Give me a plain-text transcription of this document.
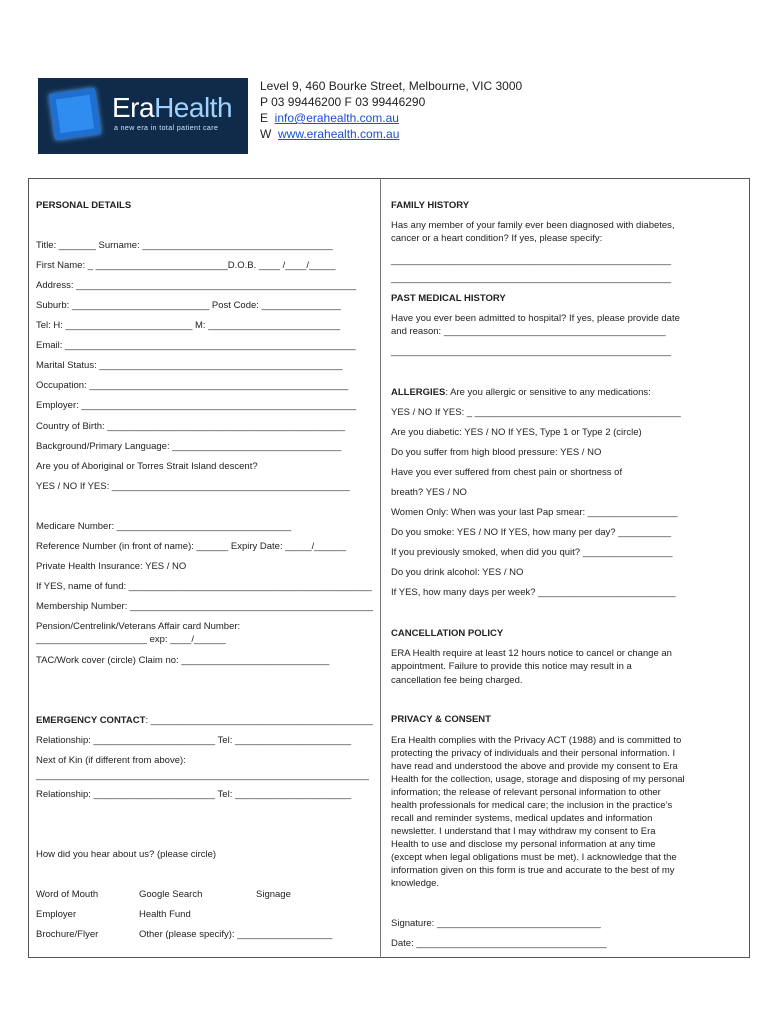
EraHealth
a new era in total patient care
Level 9, 460 Bourke Street, Melbourne, VIC 3000
P 03 99446200 F 03 99446290
E  info@erahealth.com.au
W  www.erahealth.com.au
PERSONAL DETAILS
Title: _______ Surname: ____________________________________
First Name: _ _________________________D.O.B. ____ /____/_____
Address: _____________________________________________________
Suburb: __________________________ Post Code: _______________
Tel: H: ________________________ M: _________________________
Email: _______________________________________________________
Marital Status: ______________________________________________
Occupation: _________________________________________________
Employer: ____________________________________________________
Country of Birth: _____________________________________________
Background/Primary Language: ________________________________
Are you of Aboriginal or Torres Strait Island descent?
YES / NO If YES: _____________________________________________
Medicare Number: _________________________________
Reference Number (in front of name): ______ Expiry Date: _____/______
Private Health Insurance: YES / NO
If YES, name of fund: ______________________________________________
Membership Number: ______________________________________________
Pension/Centrelink/Veterans Affair card Number:
_____________________ exp: ____/______
TAC/Work cover (circle) Claim no: ____________________________
EMERGENCY CONTACT: __________________________________________
Relationship: _______________________ Tel: ______________________
Next of Kin (if different from above):
_______________________________________________________________
Relationship: _______________________ Tel: ______________________
How did you hear about us? (please circle)
Word of Mouth	Google Search	Signage
Employer	Health Fund
Brochure/Flyer	Other (please specify): __________________
FAMILY HISTORY
Has any member of your family ever been diagnosed with diabetes,
cancer or a heart condition? If yes, please specify:
_____________________________________________________
_____________________________________________________
PAST MEDICAL HISTORY
Have you ever been admitted to hospital? If yes, please provide date
and reason: __________________________________________
_____________________________________________________
ALLERGIES: Are you allergic or sensitive to any medications:
YES / NO If YES: _ _______________________________________
Are you diabetic: YES / NO If YES, Type 1 or Type 2 (circle)
Do you suffer from high blood pressure: YES / NO
Have you ever suffered from chest pain or shortness of
breath? YES / NO
Women Only: When was your last Pap smear: _________________
Do you smoke: YES / NO If YES, how many per day? __________
If you previously smoked, when did you quit? _________________
Do you drink alcohol: YES / NO
If YES, how many days per week? __________________________
CANCELLATION POLICY
ERA Health require at least 12 hours notice to cancel or change an
appointment. Failure to provide this notice may result in a
cancellation fee being charged.
PRIVACY & CONSENT
Era Health complies with the Privacy ACT (1988) and is committed to
protecting the privacy of individuals and their personal information. I
have read and understood the above and provide my consent to Era
Health for the collection, usage, storage and disposing of my personal
information; the release of relevant personal information to other
health professionals for medical care; the inclusion in the practice’s
recall and reminder systems, medical updates and information
newsletter. I understand that I may withdraw my consent to Era
Health to use and disclose my personal information at any time
(except when legal obligations must be met). I acknowledge that the
information given on this form is true and accurate to the best of my
knowledge.
Signature: _______________________________
Date: ____________________________________
